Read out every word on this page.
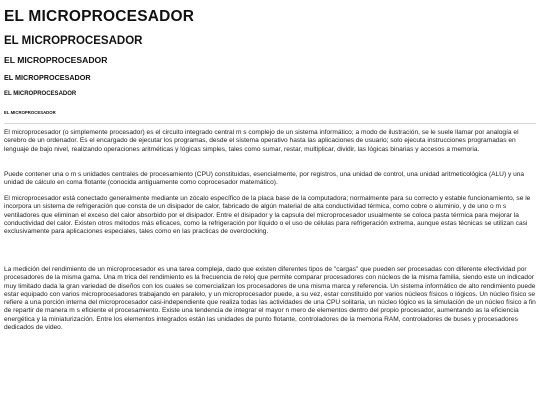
EL MICROPROCESADOR
EL MICROPROCESADOR
EL MICROPROCESADOR
EL MICROPROCESADOR
EL MICROPROCESADOR
EL MICROPROCESADOR

El microprocesador (o simplemente procesador) es el circuito integrado central m s complejo de un sistema informático; a modo de ilustración, se le suele llamar por analogía el cerebro de un ordenador. Es el encargado de ejecutar los programas, desde el sistema operativo hasta las aplicaciones de usuario; solo ejecuta instrucciones programadas en lenguaje de bajo nivel, realizando operaciones aritméticas y lógicas simples, tales como sumar, restar, multiplicar, dividir, las lógicas binarias y accesos a memoria.

Puede contener una o m s unidades centrales de procesamiento (CPU) constituidas, esencialmente, por registros, una unidad de control, una unidad aritmeticológica (ALU) y una unidad de cálculo en coma flotante (conocida antiguamente como coprocesador matemático).

El microprocesador está conectado generalmente mediante un zócalo específico de la placa base de la computadora; normalmente para su correcto y estable funcionamiento, se le incorpora un sistema de refrigeración que consta de un disipador de calor, fabricado de algún material de alta conductividad térmica, como cobre o aluminio, y de uno o m s ventiladores que eliminan el exceso del calor absorbido por el disipador. Entre el disipador y la capsula del microprocesador usualmente se coloca pasta térmica para mejorar la conductividad del calor. Existen otros métodos más eficaces, como la refrigeración por líquido o el uso de células para refrigeración extrema, aunque estas técnicas se utilizan casi exclusivamente para aplicaciones especiales, tales como en las practicas de overclocking.

La medición del rendimiento de un microprocesador es una tarea compleja, dado que existen diferentes tipos de "cargas" que pueden ser procesadas con diferente efectividad por procesadores de la misma gama. Una m trica del rendimiento es la frecuencia de reloj que permite comparar procesadores con núcleos de la misma familia, siendo este un indicador muy limitado dada la gran variedad de diseños con los cuales se comercializan los procesadores de una misma marca y referencia. Un sistema informático de alto rendimiento puede estar equipado con varios microprocesadores trabajando en paralelo, y un microprocesador puede, a su vez, estar constituido por varios núcleos físicos o lógicos. Un núcleo físico se refiere a una porción interna del microprocesador casi-independiente que realiza todas las actividades de una CPU solitaria, un núcleo lógico es la simulación de un núcleo físico a fin de repartir de manera m s eficiente el procesamiento. Existe una tendencia de integrar el mayor n mero de elementos dentro del propio procesador, aumentando as la eficiencia energética y la miniaturización. Entre los elementos integrados están las unidades de punto flotante, controladores de la memoria RAM, controladores de buses y procesadores dedicados de video.
